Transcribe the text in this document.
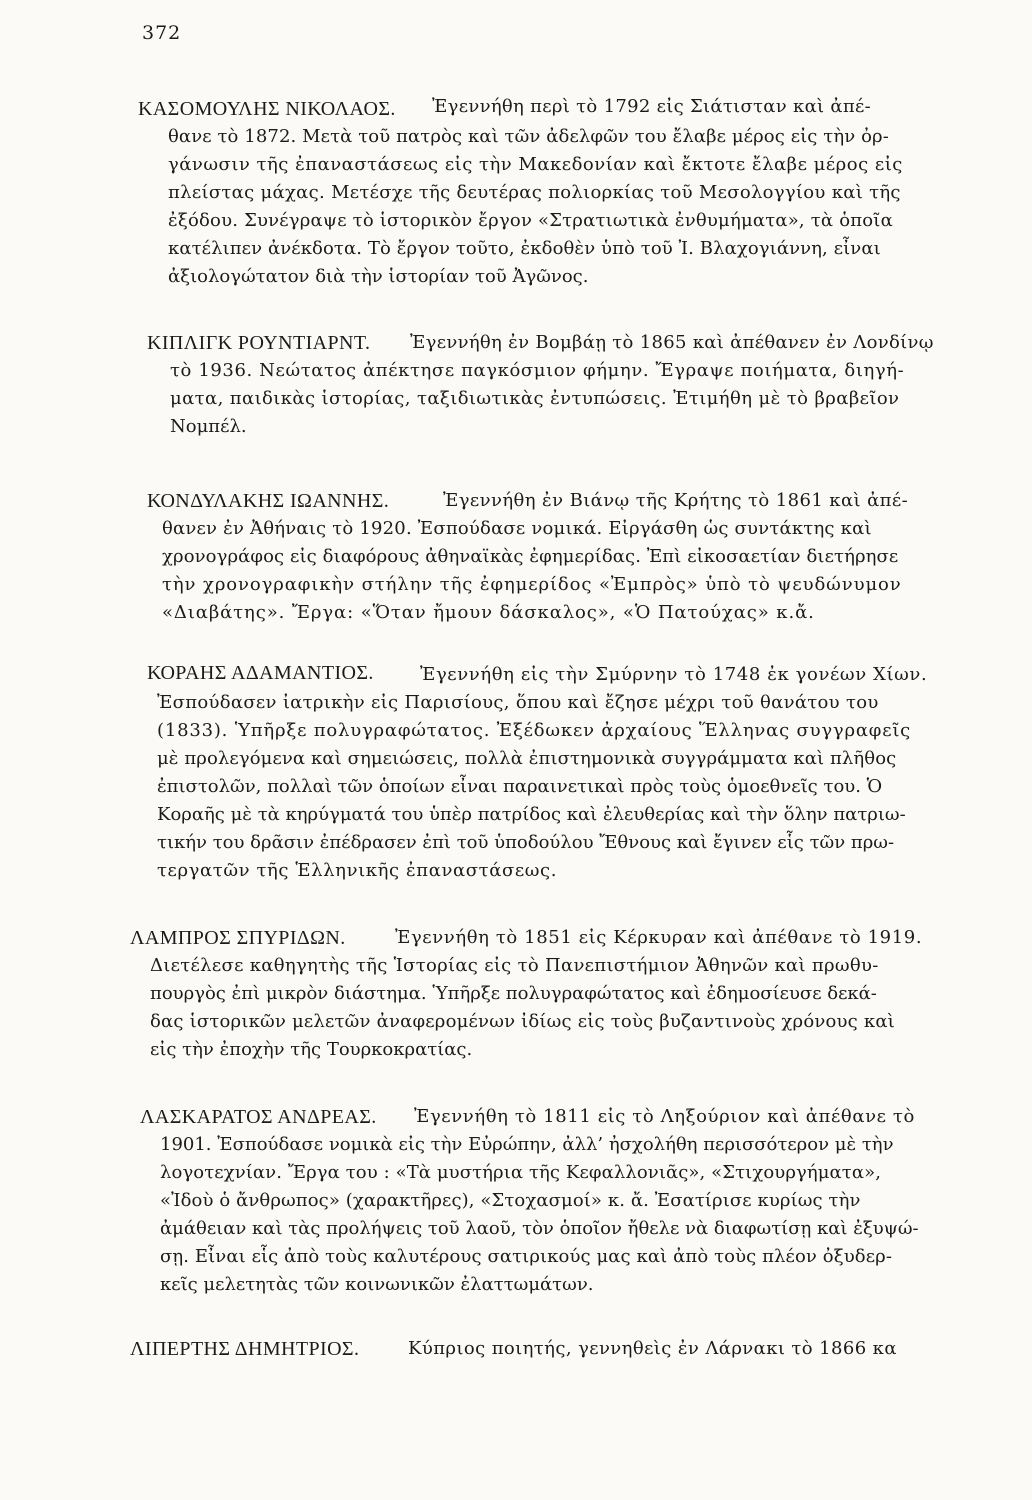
372
ΚΑΣΟΜΟΥΛΗΣ ΝΙΚΟΛΑΟΣ. Ἐγεννήθη περὶ τὸ 1792 εἰς Σιάτισταν καὶ ἀπέ-
θανε τὸ 1872. Μετὰ τοῦ πατρὸς καὶ τῶν ἀδελφῶν του ἔλαβε μέρος εἰς τὴν ὀρ-
γάνωσιν τῆς ἐπαναστάσεως εἰς τὴν Μακεδονίαν καὶ ἔκτοτε ἔλαβε μέρος εἰς
πλείστας μάχας. Μετέσχε τῆς δευτέρας πολιορκίας τοῦ Μεσολογγίου καὶ τῆς
ἐξόδου. Συνέγραψε τὸ ἱστορικὸν ἔργον «Στρατιωτικὰ ἐνθυμήματα», τὰ ὁποῖα
κατέλιπεν ἀνέκδοτα. Τὸ ἔργον τοῦτο, ἐκδοθὲν ὑπὸ τοῦ Ἰ. Βλαχογιάννη, εἶναι
ἀξιολογώτατον διὰ τὴν ἱστορίαν τοῦ Ἀγῶνος.
ΚΙΠΛΙΓΚ ΡΟΥΝΤΙΑΡΝΤ. Ἐγεννήθη ἐν Βομβάῃ τὸ 1865 καὶ ἀπέθανεν ἐν Λονδίνῳ
τὸ 1936. Νεώτατος ἀπέκτησε παγκόσμιον φήμην. Ἔγραψε ποιήματα, διηγή-
ματα, παιδικὰς ἱστορίας, ταξιδιωτικὰς ἐντυπώσεις. Ἐτιμήθη μὲ τὸ βραβεῖον
Νομπέλ.
ΚΟΝΔΥΛΑΚΗΣ ΙΩΑΝΝΗΣ.	Ἐγεννήθη ἐν Βιάνῳ τῆς Κρήτης τὸ 1861 καὶ ἀπέ-
θανεν ἐν Ἀθήναις τὸ 1920. Ἐσπούδασε νομικά. Εἰργάσθη ὡς συντάκτης καὶ
χρονογράφος εἰς διαφόρους ἀθηναϊκὰς ἐφημερίδας. Ἐπὶ εἰκοσαετίαν διετήρησε
τὴν χρονογραφικὴν στήλην τῆς ἐφημερίδος «Ἐμπρὸς» ὑπὸ τὸ ψευδώνυμον
«Διαβάτης». Ἔργα: «Ὅταν ἤμουν δάσκαλος», «Ὁ Πατούχας» κ.ἄ.
ΚΟΡΑΗΣ ΑΔΑΜΑΝΤΙΟΣ.	Ἐγεννήθη εἰς τὴν Σμύρνην τὸ 1748 ἐκ γονέων Χίων.
Ἐσπούδασεν ἰατρικὴν εἰς Παρισίους, ὅπου καὶ ἔζησε μέχρι τοῦ θανάτου του
(1833). Ὑπῆρξε πολυγραφώτατος. Ἐξέδωκεν ἀρχαίους Ἕλληνας συγγραφεῖς
μὲ προλεγόμενα καὶ σημειώσεις, πολλὰ ἐπιστημονικὰ συγγράμματα καὶ πλῆθος
ἐπιστολῶν, πολλαὶ τῶν ὁποίων εἶναι παραινετικαὶ πρὸς τοὺς ὁμοεθνεῖς του. Ὁ
Κοραῆς μὲ τὰ κηρύγματά του ὑπὲρ πατρίδος καὶ ἐλευθερίας καὶ τὴν ὅλην πατριω-
τικήν του δρᾶσιν ἐπέδρασεν ἐπὶ τοῦ ὑποδούλου Ἔθνους καὶ ἔγινεν εἷς τῶν πρω-
τεργατῶν τῆς Ἑλληνικῆς ἐπαναστάσεως.
ΛΑΜΠΡΟΣ ΣΠΥΡΙΔΩΝ.	Ἐγεννήθη τὸ 1851 εἰς Κέρκυραν καὶ ἀπέθανε τὸ 1919.
Διετέλεσε καθηγητὴς τῆς Ἱστορίας εἰς τὸ Πανεπιστήμιον Ἀθηνῶν καὶ πρωθυ-
πουργὸς ἐπὶ μικρὸν διάστημα. Ὑπῆρξε πολυγραφώτατος καὶ ἐδημοσίευσε δεκά-
δας ἱστορικῶν μελετῶν ἀναφερομένων ἰδίως εἰς τοὺς βυζαντινοὺς χρόνους καὶ
εἰς τὴν ἐποχὴν τῆς Τουρκοκρατίας.
ΛΑΣΚΑΡΑΤΟΣ ΑΝΔΡΕΑΣ. Ἐγεννήθη τὸ 1811 εἰς τὸ Ληξούριον καὶ ἀπέθανε τὸ
1901. Ἐσπούδασε νομικὰ εἰς τὴν Εὐρώπην, ἀλλ’ ἠσχολήθη περισσότερον μὲ τὴν
λογοτεχνίαν. Ἔργα του : «Τὰ μυστήρια τῆς Κεφαλλονιᾶς», «Στιχουργήματα»,
«Ἰδοὺ ὁ ἄνθρωπος» (χαρακτῆρες), «Στοχασμοί» κ. ἄ. Ἐσατίρισε κυρίως τὴν
ἀμάθειαν καὶ τὰς προλήψεις τοῦ λαοῦ, τὸν ὁποῖον ἤθελε νὰ διαφωτίσῃ καὶ ἐξυψώ-
σῃ. Εἶναι εἷς ἀπὸ τοὺς καλυτέρους σατιρικούς μας καὶ ἀπὸ τοὺς πλέον ὀξυδερ-
κεῖς μελετητὰς τῶν κοινωνικῶν ἐλαττωμάτων.
ΛΙΠΕΡΤΗΣ ΔΗΜΗΤΡΙΟΣ.	Κύπριος ποιητής, γεννηθεὶς ἐν Λάρνακι τὸ 1866 κα
